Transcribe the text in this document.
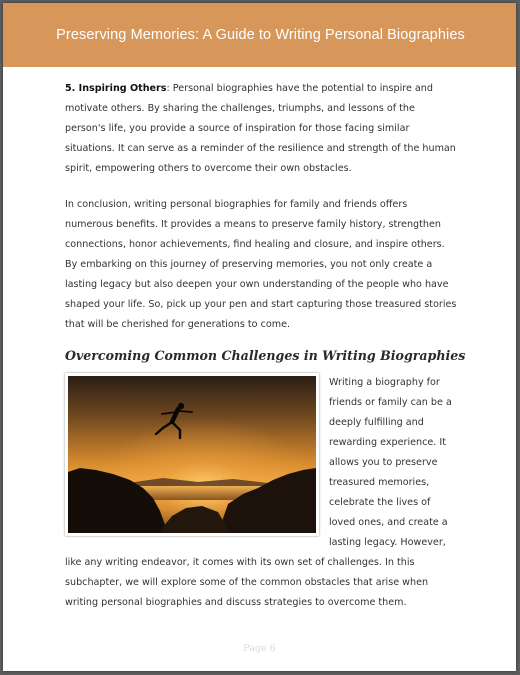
Preserving Memories: A Guide to Writing Personal Biographies

5. Inspiring Others: Personal biographies have the potential to inspire and motivate others. By sharing the challenges, triumphs, and lessons of the person's life, you provide a source of inspiration for those facing similar situations. It can serve as a reminder of the resilience and strength of the human spirit, empowering others to overcome their own obstacles.

In conclusion, writing personal biographies for family and friends offers numerous benefits. It provides a means to preserve family history, strengthen connections, honor achievements, find healing and closure, and inspire others. By embarking on this journey of preserving memories, you not only create a lasting legacy but also deepen your own understanding of the people who have shaped your life. So, pick up your pen and start capturing those treasured stories that will be cherished for generations to come.

Overcoming Common Challenges in Writing Biographies

Writing a biography for friends or family can be a deeply fulfilling and rewarding experience. It allows you to preserve treasured memories, celebrate the lives of loved ones, and create a lasting legacy. However,

like any writing endeavor, it comes with its own set of challenges. In this subchapter, we will explore some of the common obstacles that arise when writing personal biographies and discuss strategies to overcome them.

Page 6
